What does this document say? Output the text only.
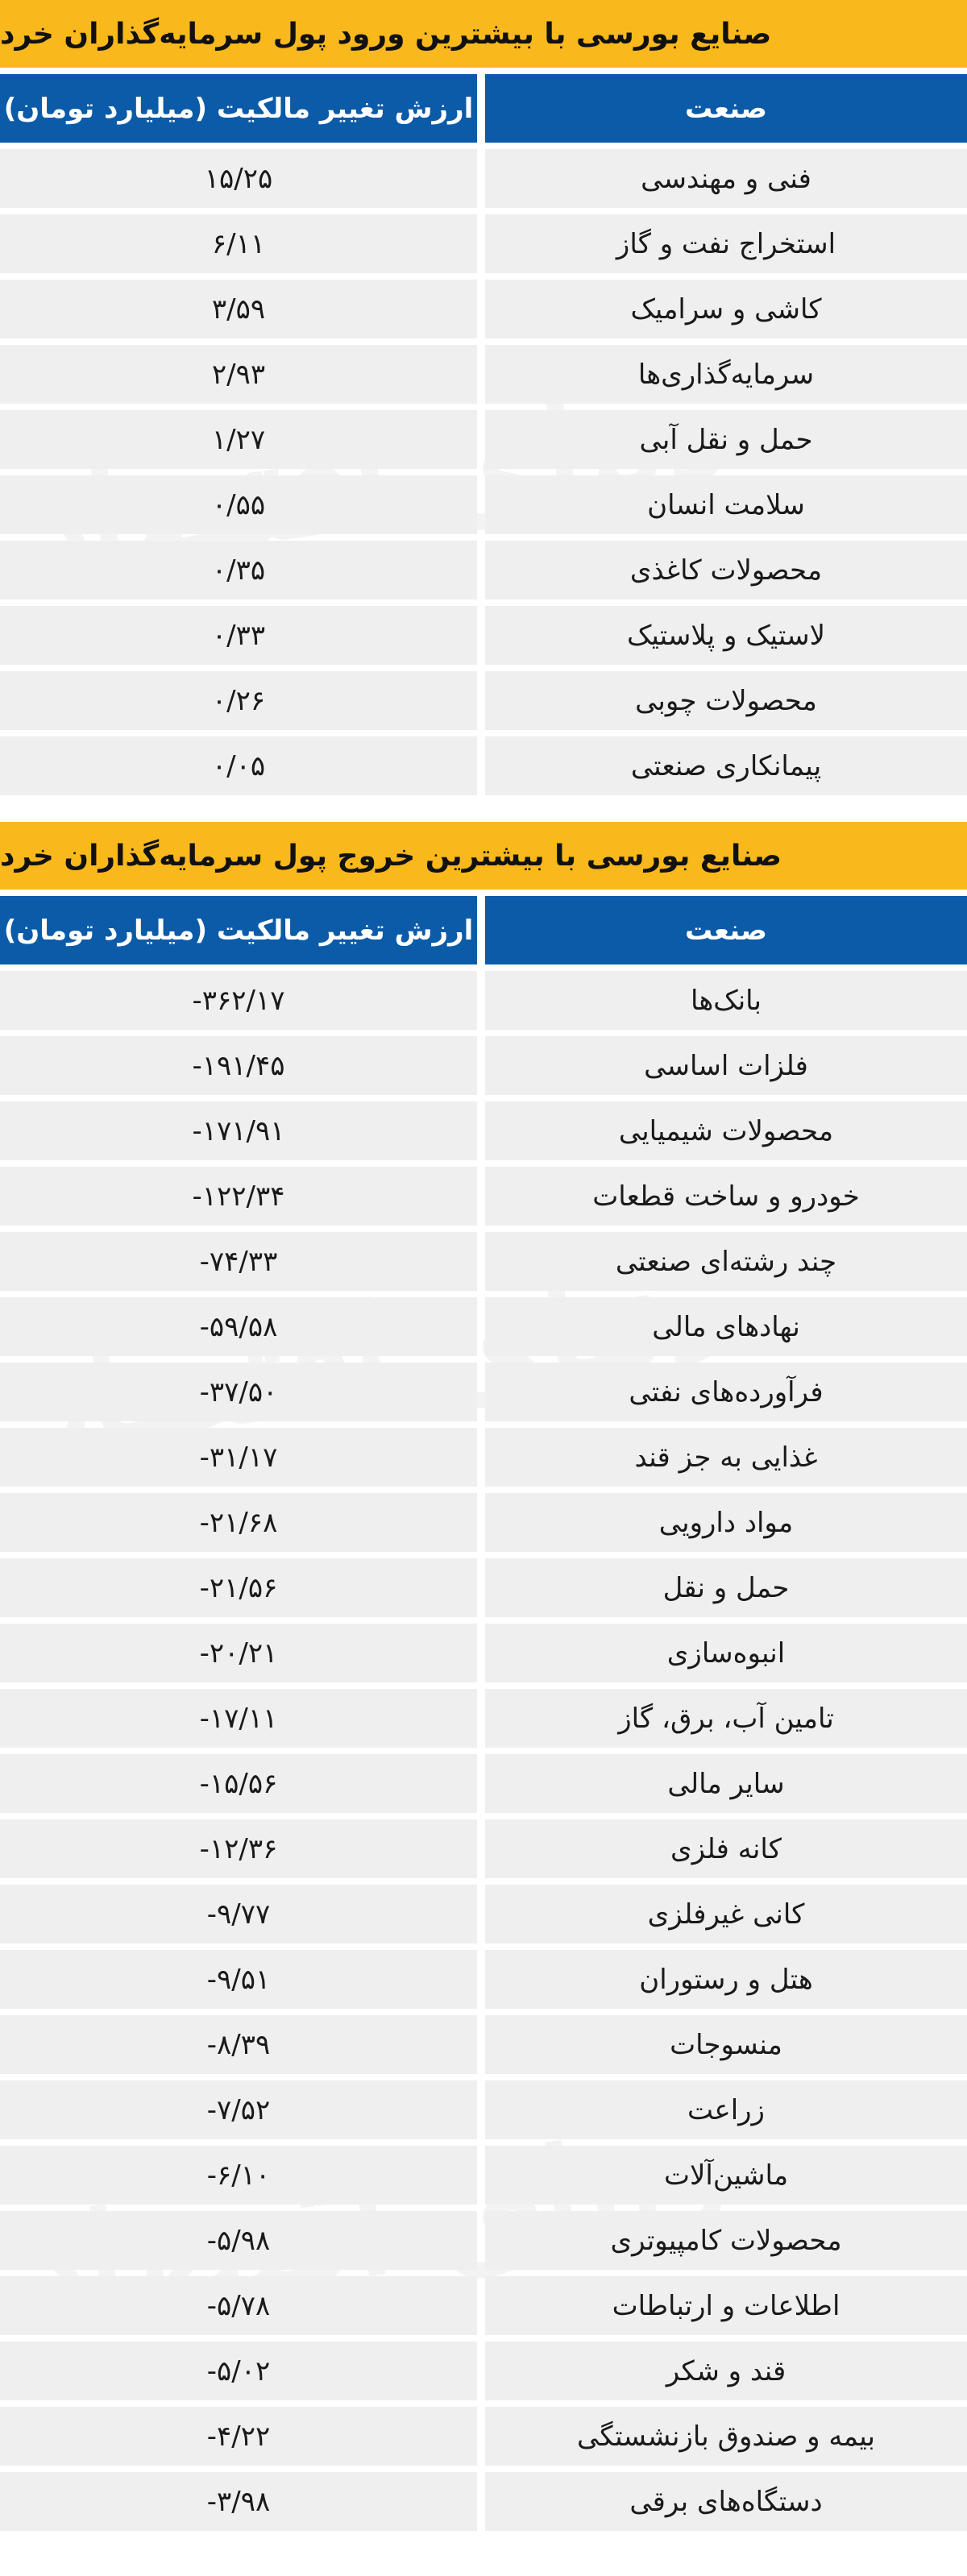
صنایع بورسی با بیشترین ورود پول سرمایه‌گذاران خرد
صنعت
ارزش تغییر مالکیت (میلیارد تومان)
فنی و مهندسی
۱۵/۲۵
استخراج نفت و گاز
۶/۱۱
کاشی و سرامیک
۳/۵۹
سرمایه‌گذاری‌ها
۲/۹۳
حمل و نقل آبی
۱/۲۷
سلامت انسان
۰/۵۵
محصولات کاغذی
۰/۳۵
لاستیک و پلاستیک
۰/۳۳
محصولات چوبی
۰/۲۶
پیمانکاری صنعتی
۰/۰۵
صنایع بورسی با بیشترین خروج پول سرمایه‌گذاران خرد
صنعت
ارزش تغییر مالکیت (میلیارد تومان)
بانک‌ها
-۳۶۲/۱۷
فلزات اساسی
-۱۹۱/۴۵
محصولات شیمیایی
-۱۷۱/۹۱
خودرو و ساخت قطعات
-۱۲۲/۳۴
چند رشته‌ای صنعتی
-۷۴/۳۳
نهادهای مالی
-۵۹/۵۸
فرآورده‌های نفتی
-۳۷/۵۰
غذایی به جز قند
-۳۱/۱۷
مواد دارویی
-۲۱/۶۸
حمل و نقل
-۲۱/۵۶
انبوه‌سازی
-۲۰/۲۱
تامین آب، برق، گاز
-۱۷/۱۱
سایر مالی
-۱۵/۵۶
کانه فلزی
-۱۲/۳۶
کانی غیرفلزی
-۹/۷۷
هتل و رستوران
-۹/۵۱
منسوجات
-۸/۳۹
زراعت
-۷/۵۲
ماشین‌آلات
-۶/۱۰
محصولات کامپیوتری
-۵/۹۸
اطلاعات و ارتباطات
-۵/۷۸
قند و شکر
-۵/۰۲
بیمه و صندوق بازنشستگی
-۴/۲۲
دستگاه‌های برقی
-۳/۹۸
